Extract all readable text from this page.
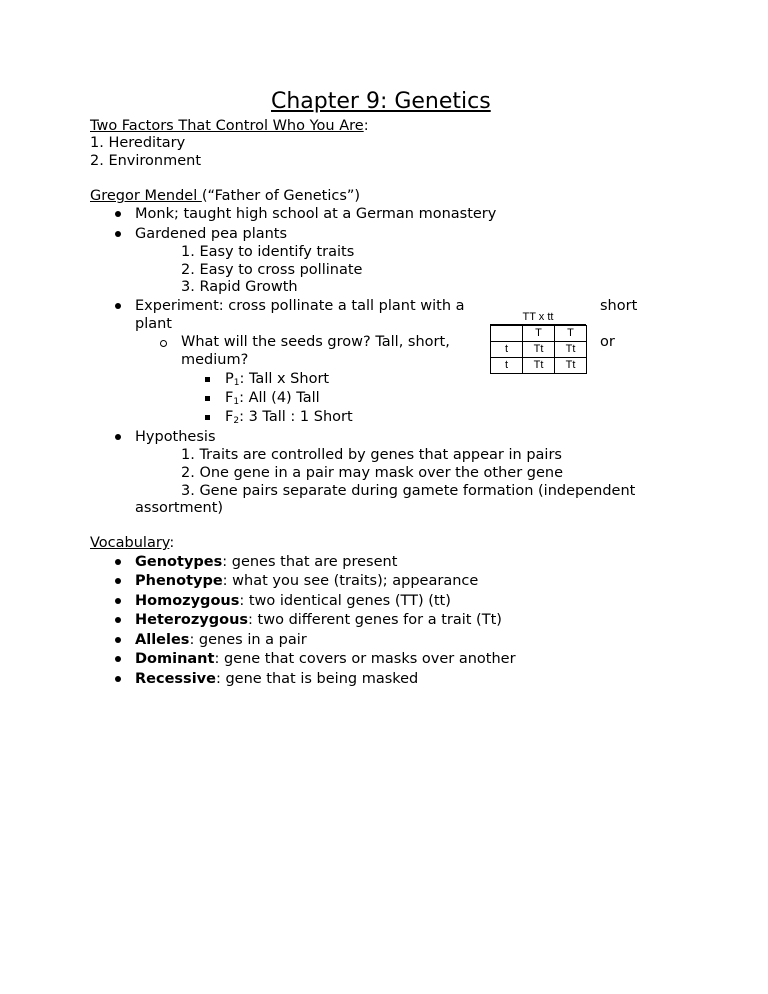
Chapter 9: Genetics
Two Factors That Control Who You Are:
1. Hereditary
2. Environment
Gregor Mendel (“Father of Genetics”)
Monk; taught high school at a German monastery
Gardened pea plants
1. Easy to identify traits
2. Easy to cross pollinate
3. Rapid Growth
Experiment: cross pollinate a tall plant with a	short
plant
What will the seeds grow? Tall, short,	or
medium?
$P_1$: Tall x Short
$F_1$: All (4) Tall
$F_2$: 3 Tall : 1 Short
Hypothesis
1. Traits are controlled by genes that appear in pairs
2. One gene in a pair may mask over the other gene
3. Gene pairs separate during gamete formation (independent
assortment)
TT x tt
	T	T
t	Tt	Tt
t	Tt	Tt
Vocabulary:
Genotypes: genes that are present
Phenotype: what you see (traits); appearance
Homozygous: two identical genes (TT) (tt)
Heterozygous: two different genes for a trait (Tt)
Alleles: genes in a pair
Dominant: gene that covers or masks over another
Recessive: gene that is being masked
